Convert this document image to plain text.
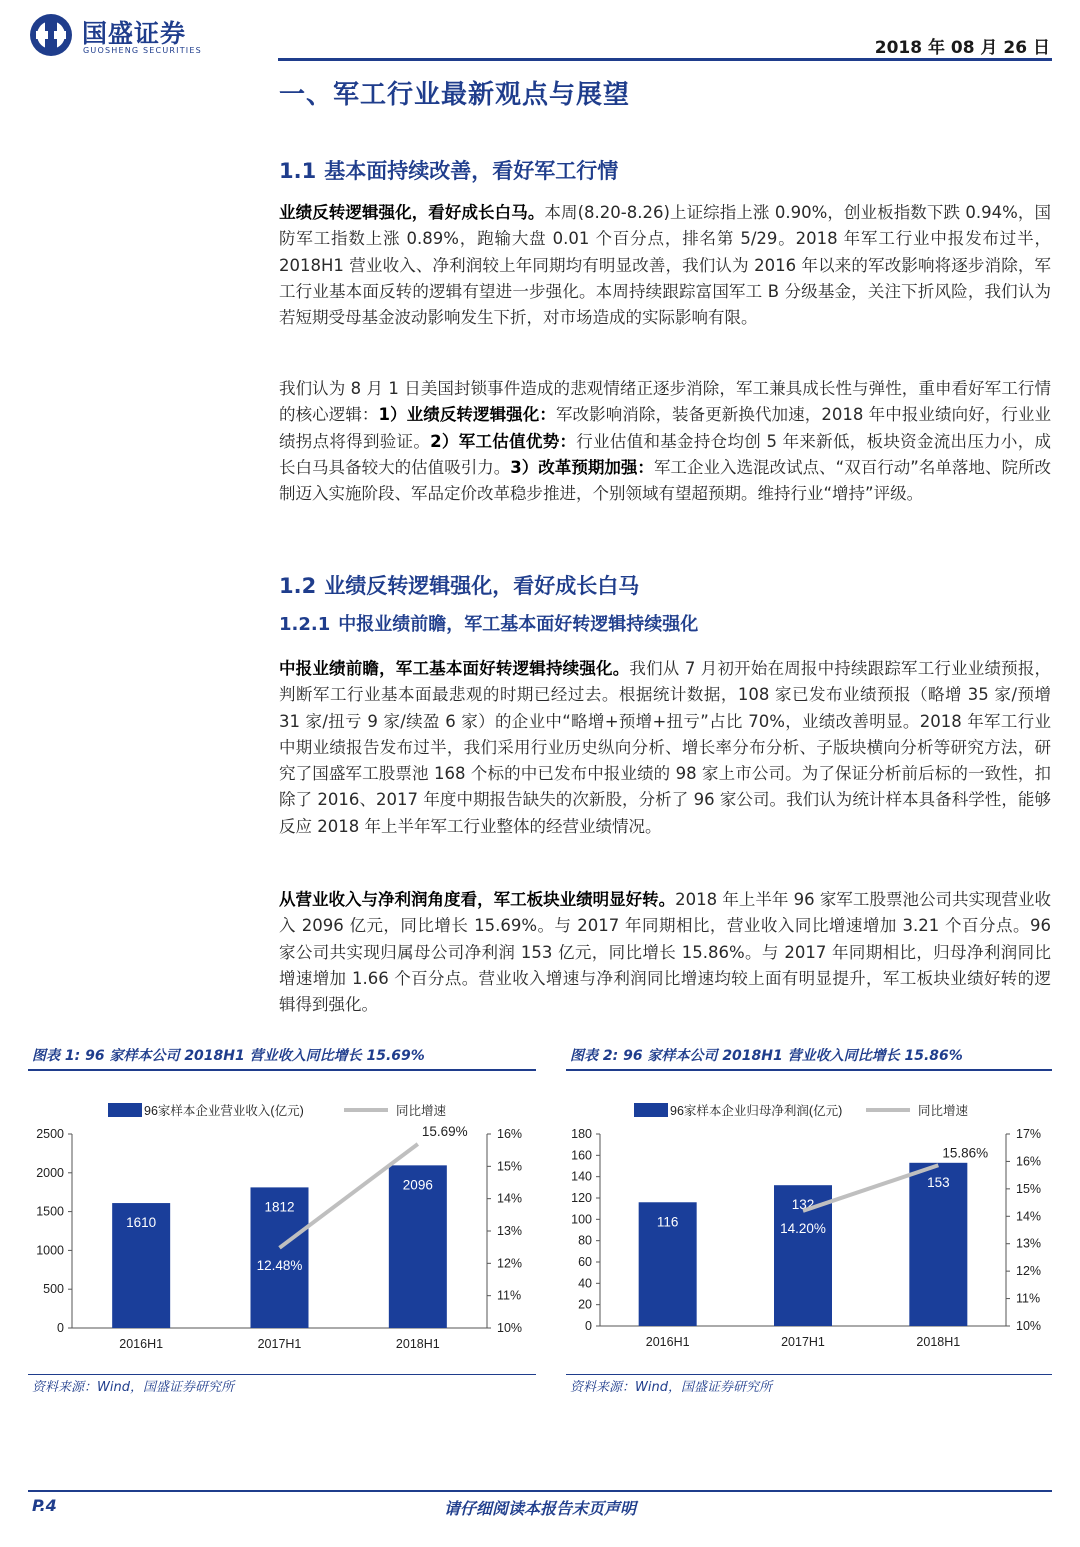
国盛证券
GUOSHENG SECURITIES	2018 年 08 月 26 日
一、军工行业最新观点与展望
1.1 基本面持续改善，看好军工行情
业绩反转逻辑强化，看好成长白马。本周(8.20-8.26)上证综指上涨 0.90%，创业板指数下跌 0.94%，国防军工指数上涨 0.89%，跑输大盘 0.01 个百分点，排名第 5/29。2018 年军工行业中报发布过半，2018H1 营业收入、净利润较上年同期均有明显改善，我们认为 2016 年以来的军改影响将逐步消除，军工行业基本面反转的逻辑有望进一步强化。本周持续跟踪富国军工 B 分级基金，关注下折风险，我们认为若短期受母基金波动影响发生下折，对市场造成的实际影响有限。
我们认为 8 月 1 日美国封锁事件造成的悲观情绪正逐步消除，军工兼具成长性与弹性，重申看好军工行情的核心逻辑：1）业绩反转逻辑强化：军改影响消除，装备更新换代加速，2018 年中报业绩向好，行业业绩拐点将得到验证。2）军工估值优势：行业估值和基金持仓均创 5 年来新低，板块资金流出压力小，成长白马具备较大的估值吸引力。3）改革预期加强：军工企业入选混改试点、“双百行动”名单落地、院所改制迈入实施阶段、军品定价改革稳步推进，个别领域有望超预期。维持行业“增持”评级。
1.2 业绩反转逻辑强化，看好成长白马
1.2.1 中报业绩前瞻，军工基本面好转逻辑持续强化
中报业绩前瞻，军工基本面好转逻辑持续强化。我们从 7 月初开始在周报中持续跟踪军工行业业绩预报，判断军工行业基本面最悲观的时期已经过去。根据统计数据，108 家已发布业绩预报（略增 35 家/预增 31 家/扭亏 9 家/续盈 6 家）的企业中“略增+预增+扭亏”占比 70%，业绩改善明显。2018 年军工行业中期业绩报告发布过半，我们采用行业历史纵向分析、增长率分布分析、子版块横向分析等研究方法，研究了国盛军工股票池 168 个标的中已发布中报业绩的 98 家上市公司。为了保证分析前后标的一致性，扣除了 2016、2017 年度中期报告缺失的次新股，分析了 96 家公司。我们认为统计样本具备科学性，能够反应 2018 年上半年军工行业整体的经营业绩情况。
从营业收入与净利润角度看，军工板块业绩明显好转。2018 年上半年 96 家军工股票池公司共实现营业收入 2096 亿元，同比增长 15.69%。与 2017 年同期相比，营业收入同比增速增加 3.21 个百分点。96 家公司共实现归属母公司净利润 153 亿元，同比增长 15.86%。与 2017 年同期相比，归母净利润同比增速增加 1.66 个百分点。营业收入增速与净利润同比增速均较上面有明显提升，军工板块业绩好转的逻辑得到强化。
图表 1: 96 家样本公司 2018H1 营业收入同比增长 15.69%
0
500
1000
1500
2000
2500
10%
11%
12%
13%
14%
15%
16%
1610
1812
2096
2016H1	2017H1	2018H1
12.48%
15.69%
96家样本企业营业收入(亿元)	同比增速
资料来源：Wind，国盛证券研究所
图表 2: 96 家样本公司 2018H1 营业收入同比增长 15.86%
0
20
40
60
80
100
120
140
160
180
10%
11%
12%
13%
14%
15%
16%
17%
116
132
153
2016H1	2017H1	2018H1
14.20%
15.86%
96家样本企业归母净利润(亿元)	同比增速
资料来源：Wind，国盛证券研究所
请仔细阅读本报告末页声明
P.4
